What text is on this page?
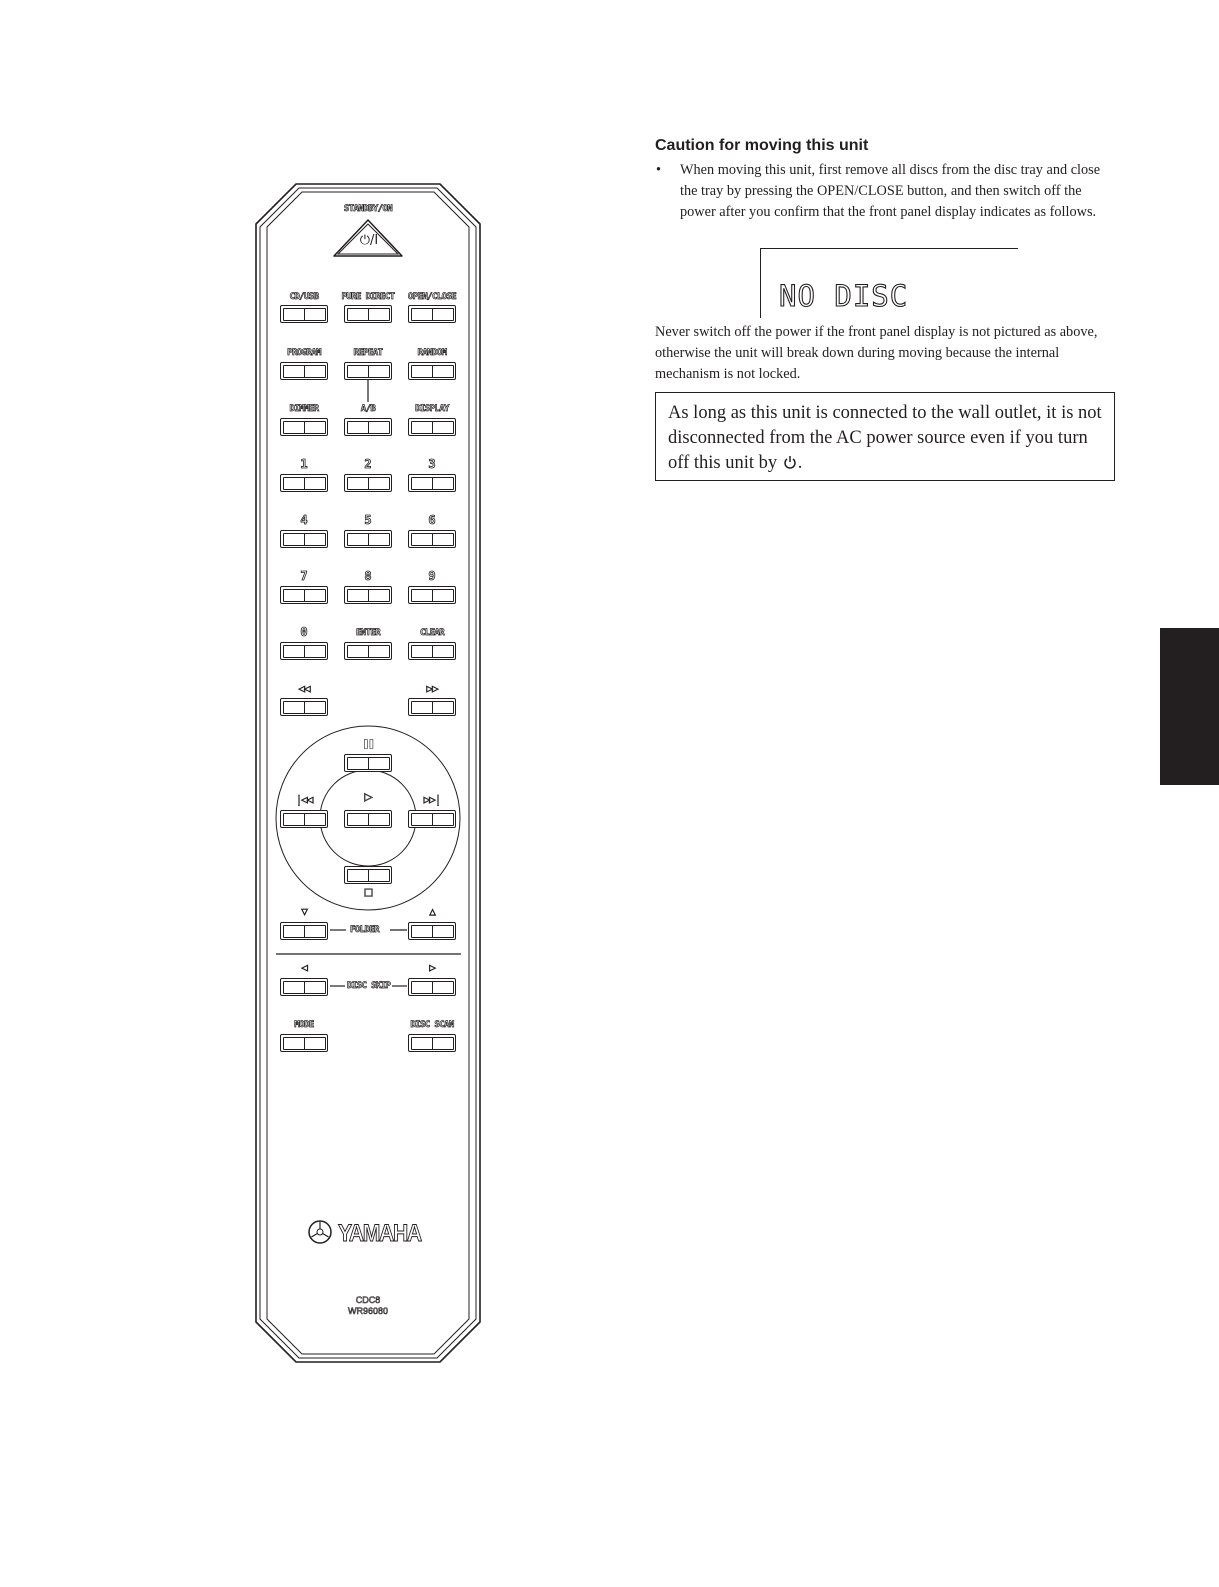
STANDBY/ON
⏻/I
CD/USB	PURE DIRECT	OPEN/CLOSE
PROGRAM	REPEAT	RANDOM
DIMMER	A/B	DISPLAY
1	2	3
4	5	6
7	8	9
0	ENTER	CLEAR
◁◁	▷▷
❚❚
|◁◁	▷	▷▷|
□
▽	△
FOLDER
◁	▷
DISC SKIP
MODE	DISC SCAN
YAMAHA
CDC8
WR96080
Caution for moving this unit
• When moving this unit, first remove all discs from the disc tray and close the tray by pressing the OPEN/CLOSE button, and then switch off the power after you confirm that the front panel display indicates as follows.

NO DISC

Never switch off the power if the front panel display is not pictured as above, otherwise the unit will break down during moving because the internal mechanism is not locked.

As long as this unit is connected to the wall outlet, it is not disconnected from the AC power source even if you turn off this unit by .
